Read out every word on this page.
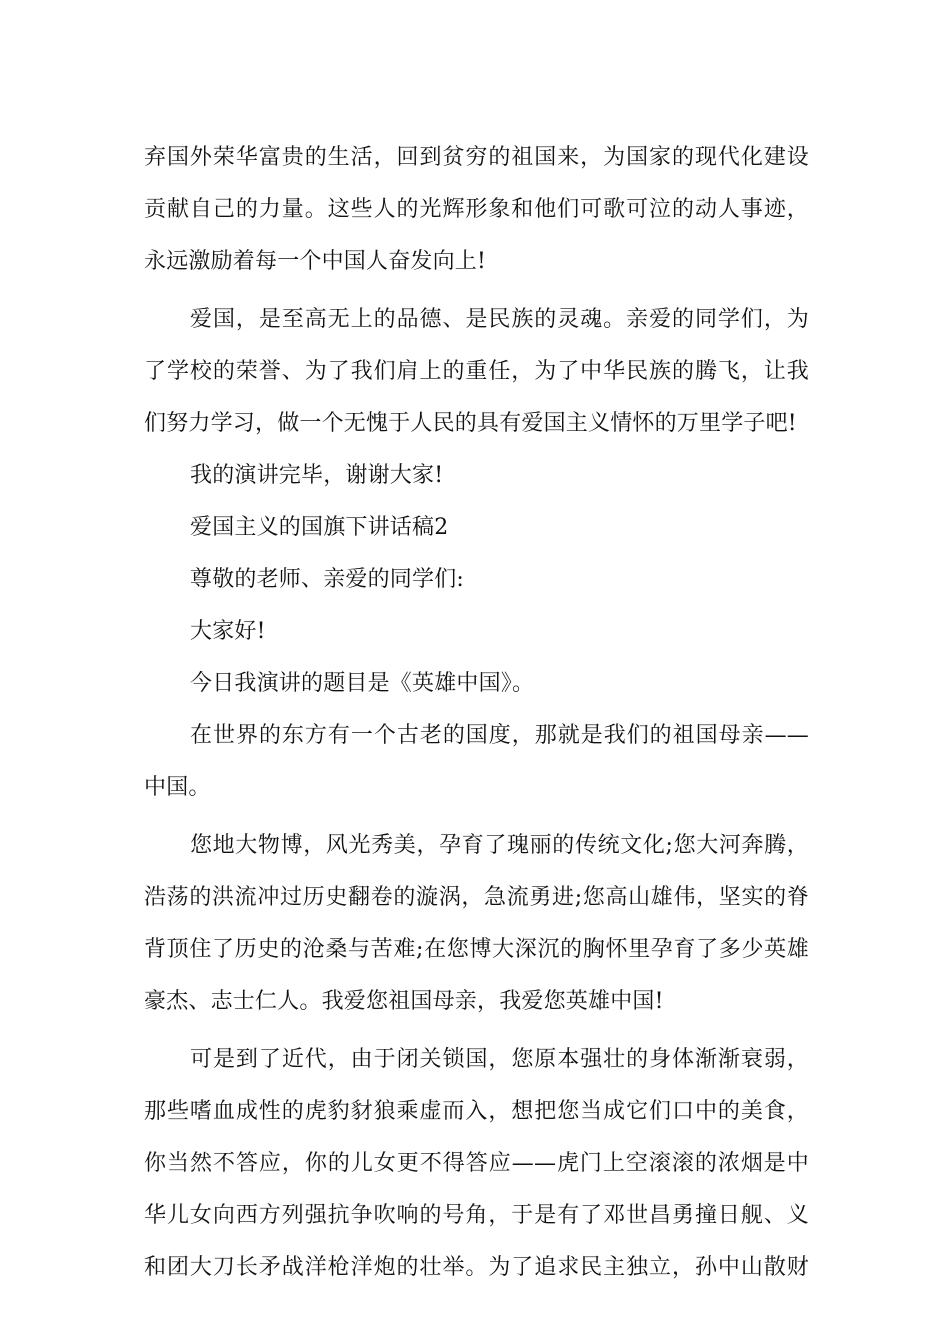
弃国外荣华富贵的生活，回到贫穷的祖国来，为国家的现代化建设
贡献自己的力量。这些人的光辉形象和他们可歌可泣的动人事迹，
永远激励着每一个中国人奋发向上!
爱国，是至高无上的品德、是民族的灵魂。亲爱的同学们，为
了学校的荣誉、为了我们肩上的重任，为了中华民族的腾飞，让我
们努力学习，做一个无愧于人民的具有爱国主义情怀的万里学子吧!
我的演讲完毕，谢谢大家!
爱国主义的国旗下讲话稿2
尊敬的老师、亲爱的同学们:
大家好!
今日我演讲的题目是《英雄中国》。
在世界的东方有一个古老的国度，那就是我们的祖国母亲——
中国。
您地大物博，风光秀美，孕育了瑰丽的传统文化;您大河奔腾，
浩荡的洪流冲过历史翻卷的漩涡，急流勇进;您高山雄伟，坚实的脊
背顶住了历史的沧桑与苦难;在您博大深沉的胸怀里孕育了多少英雄
豪杰、志士仁人。我爱您祖国母亲，我爱您英雄中国!
可是到了近代，由于闭关锁国，您原本强壮的身体渐渐衰弱，
那些嗜血成性的虎豹豺狼乘虚而入，想把您当成它们口中的美食，
你当然不答应，你的儿女更不得答应——虎门上空滚滚的浓烟是中
华儿女向西方列强抗争吹响的号角，于是有了邓世昌勇撞日舰、义
和团大刀长矛战洋枪洋炮的壮举。为了追求民主独立，孙中山散财
